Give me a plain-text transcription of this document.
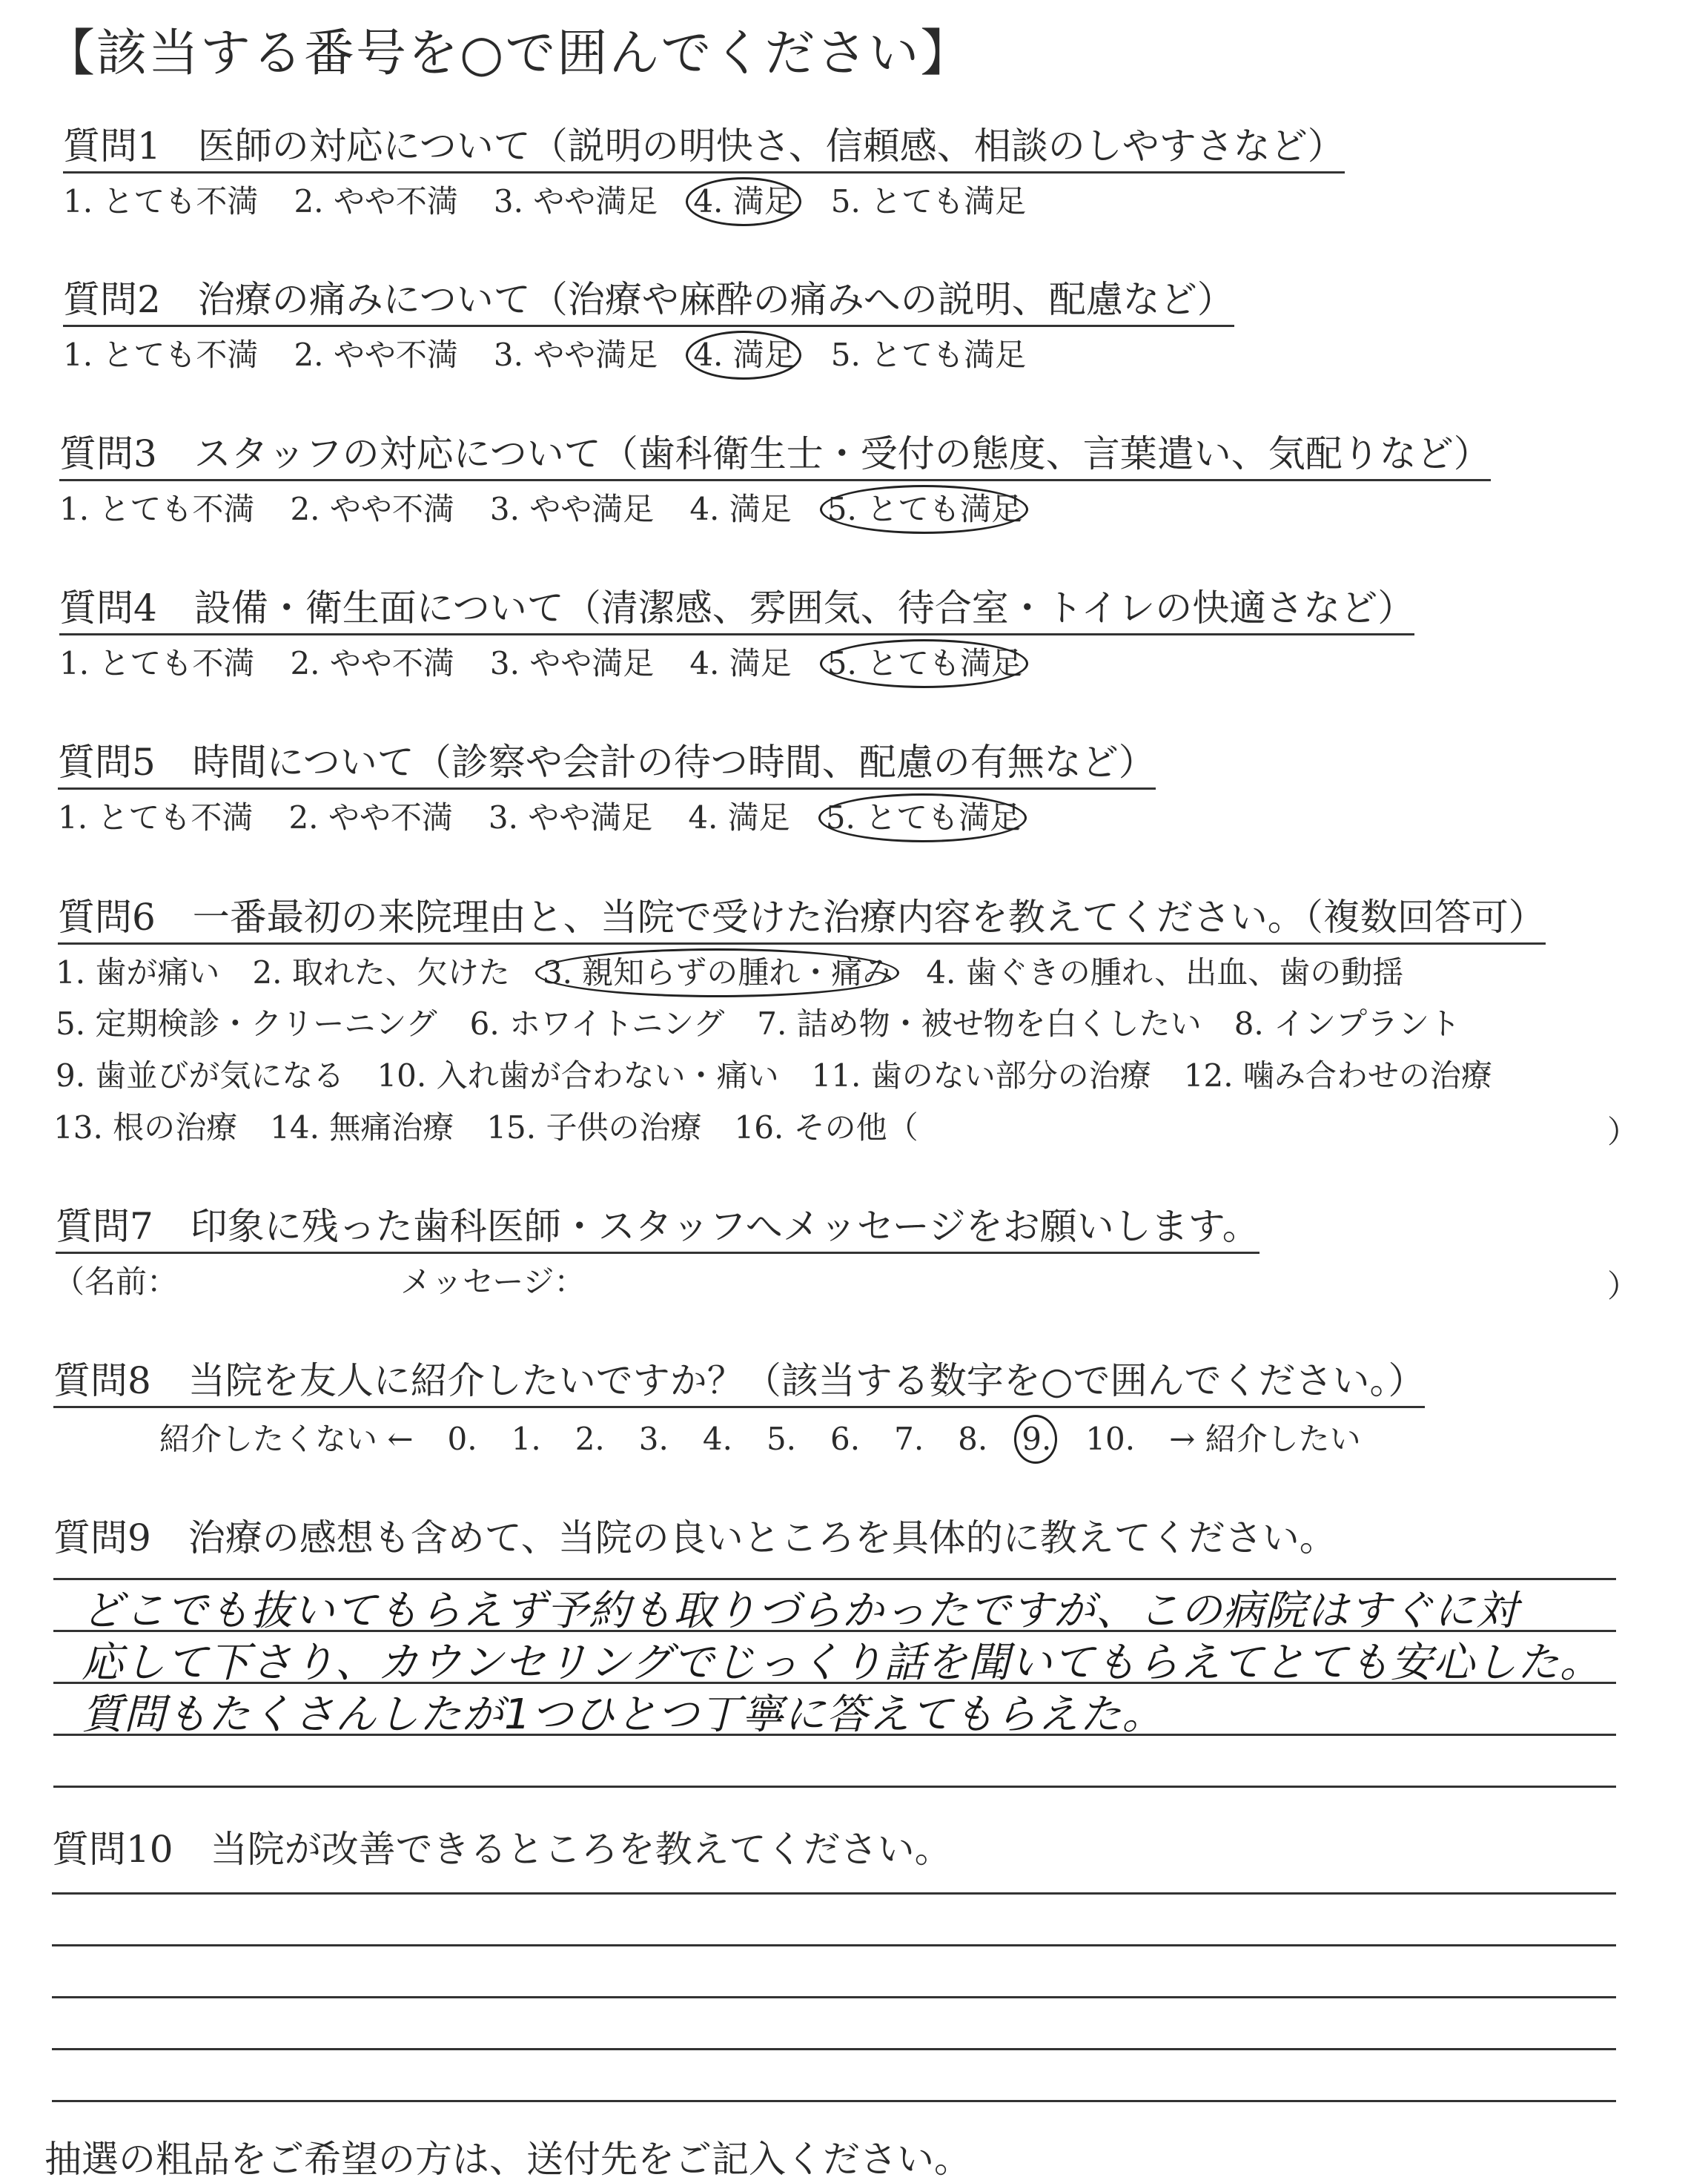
【該当する番号を○で囲んでください】
質問1　医師の対応について（説明の明快さ、信頼感、相談のしやすさなど）
1. とても不満 2. やや不満 3. やや満足 4. 満足 5. とても満足
質問2　治療の痛みについて（治療や麻酔の痛みへの説明、配慮など）
1. とても不満 2. やや不満 3. やや満足 4. 満足 5. とても満足
質問3　スタッフの対応について（歯科衛生士・受付の態度、言葉遣い、気配りなど）
1. とても不満 2. やや不満 3. やや満足 4. 満足 5. とても満足
質問4　設備・衛生面について（清潔感、雰囲気、待合室・トイレの快適さなど）
1. とても不満 2. やや不満 3. やや満足 4. 満足 5. とても満足
質問5　時間について（診察や会計の待つ時間、配慮の有無など）
1. とても不満 2. やや不満 3. やや満足 4. 満足 5. とても満足
質問6　一番最初の来院理由と、当院で受けた治療内容を教えてください。（複数回答可）
1. 歯が痛い 2. 取れた、欠けた 3. 親知らずの腫れ・痛み 4. 歯ぐきの腫れ、出血、歯の動揺
5. 定期検診・クリーニング 6. ホワイトニング 7. 詰め物・被せ物を白くしたい 8. インプラント
9. 歯並びが気になる 10. 入れ歯が合わない・痛い 11. 歯のない部分の治療 12. 噛み合わせの治療
13. 根の治療 14. 無痛治療 15. 子供の治療 16. その他（	）
質問7　印象に残った歯科医師・スタッフへメッセージをお願いします。
（名前：	メッセージ：	）
質問8　当院を友人に紹介したいですか？（該当する数字を○で囲んでください。）
紹介したくない ← 0. 1. 2. 3. 4. 5. 6. 7. 8. 9. 10. → 紹介したい
質問9　治療の感想も含めて、当院の良いところを具体的に教えてください。
どこでも抜いてもらえず予約も取りづらかったですが、この病院はすぐに対
応して下さり、カウンセリングでじっくり話を聞いてもらえてとても安心した。
質問もたくさんしたが1つひとつ丁寧に答えてもらえた。
質問10　当院が改善できるところを教えてください。
抽選の粗品をご希望の方は、送付先をご記入ください。
